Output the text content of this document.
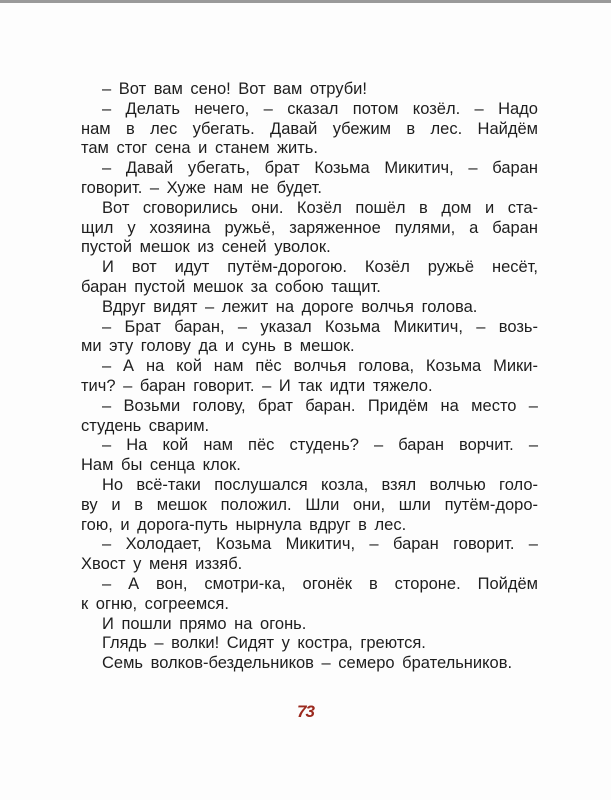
– Вот вам сено! Вот вам отруби!
– Делать нечего, – сказал потом козёл. – Надо
нам в лес убегать. Давай убежим в лес. Найдём
там стог сена и станем жить.
– Давай убегать, брат Козьма Микитич, – баран
говорит. – Хуже нам не будет.
Вот сговорились они. Козёл пошёл в дом и ста-
щил у хозяина ружьё, заряженное пулями, а баран
пустой мешок из сеней уволок.
И вот идут путём-дорогою. Козёл ружьё несёт,
баран пустой мешок за собою тащит.
Вдруг видят – лежит на дороге волчья голова.
– Брат баран, – указал Козьма Микитич, – возь-
ми эту голову да и сунь в мешок.
– А на кой нам пёс волчья голова, Козьма Мики-
тич? – баран говорит. – И так идти тяжело.
– Возьми голову, брат баран. Придём на место –
студень сварим.
– На кой нам пёс студень? – баран ворчит. –
Нам бы сенца клок.
Но всё-таки послушался козла, взял волчью голо-
ву и в мешок положил. Шли они, шли путём-доро-
гою, и дорога-путь нырнула вдруг в лес.
– Холодает, Козьма Микитич, – баран говорит. –
Хвост у меня иззяб.
– А вон, смотри-ка, огонёк в стороне. Пойдём
к огню, согреемся.
И пошли прямо на огонь.
Глядь – волки! Сидят у костра, греются.
Семь волков-бездельников – семеро брательников.
73
